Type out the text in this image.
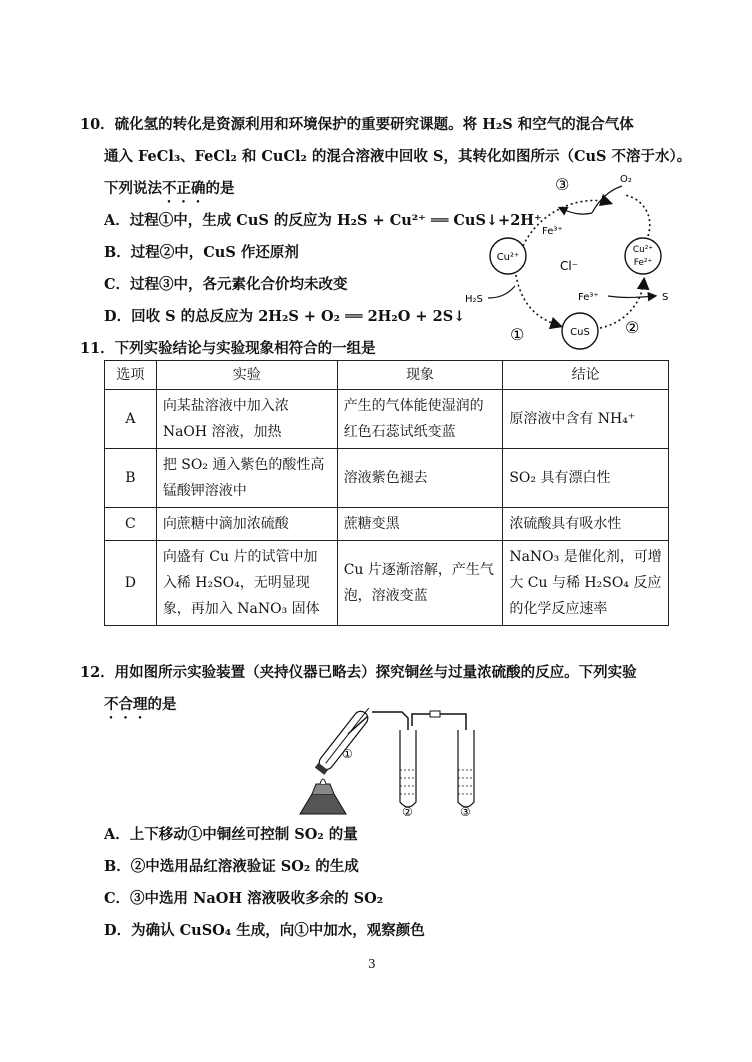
10．硫化氢的转化是资源利用和环境保护的重要研究课题。将 H₂S 和空气的混合气体
通入 FeCl₃、FeCl₂ 和 CuCl₂ 的混合溶液中回收 S，其转化如图所示（CuS 不溶于水）。
下列说法不正确的是
A．过程①中，生成 CuS 的反应为 H₂S + Cu²⁺ ══ CuS↓+2H⁺
B．过程②中，CuS 作还原剂
C．过程③中，各元素化合价均未改变
D．回收 S 的总反应为 2H₂S + O₂ ══ 2H₂O + 2S↓
Cu²⁺
Cu²⁺
Fe²⁺
CuS
Cl⁻
③	O₂
Fe³⁺
H₂S
①
Fe³⁺	S
②
11．下列实验结论与实验现象相符合的一组是
选项	实验	现象	结论
A	向某盐溶液中加入浓 NaOH 溶液，加热	产生的气体能使湿润的红色石蕊试纸变蓝	原溶液中含有 NH₄⁺
B	把 SO₂ 通入紫色的酸性高锰酸钾溶液中	溶液紫色褪去	SO₂ 具有漂白性
C	向蔗糖中滴加浓硫酸	蔗糖变黑	浓硫酸具有吸水性
D	向盛有 Cu 片的试管中加入稀 H₂SO₄，无明显现象，再加入 NaNO₃ 固体	Cu 片逐渐溶解，产生气泡，溶液变蓝	NaNO₃ 是催化剂，可增大 Cu 与稀 H₂SO₄ 反应的化学反应速率
12．用如图所示实验装置（夹持仪器已略去）探究铜丝与过量浓硫酸的反应。下列实验
不合理的是
①
②	③
A．上下移动①中铜丝可控制 SO₂ 的量
B．②中选用品红溶液验证 SO₂ 的生成
C．③中选用 NaOH 溶液吸收多余的 SO₂
D．为确认 CuSO₄ 生成，向①中加水，观察颜色
3
